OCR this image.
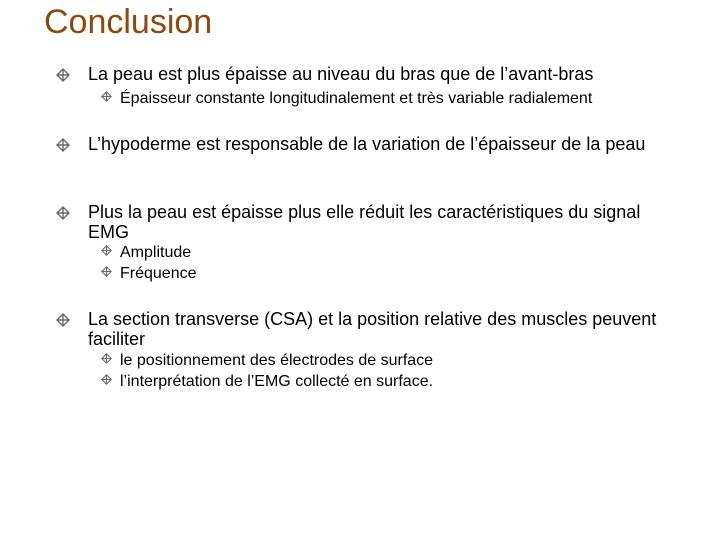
Conclusion
La peau est plus épaisse au niveau du bras que de l’avant-bras
Épaisseur constante longitudinalement et très variable radialement
L’hypoderme est responsable de la variation de l’épaisseur de la peau
Plus la peau est épaisse plus elle réduit les caractéristiques du signal EMG
Amplitude
Fréquence
La section transverse (CSA) et la position relative des muscles peuvent faciliter
le positionnement des électrodes de surface
l’interprétation de l’EMG collecté en surface.
